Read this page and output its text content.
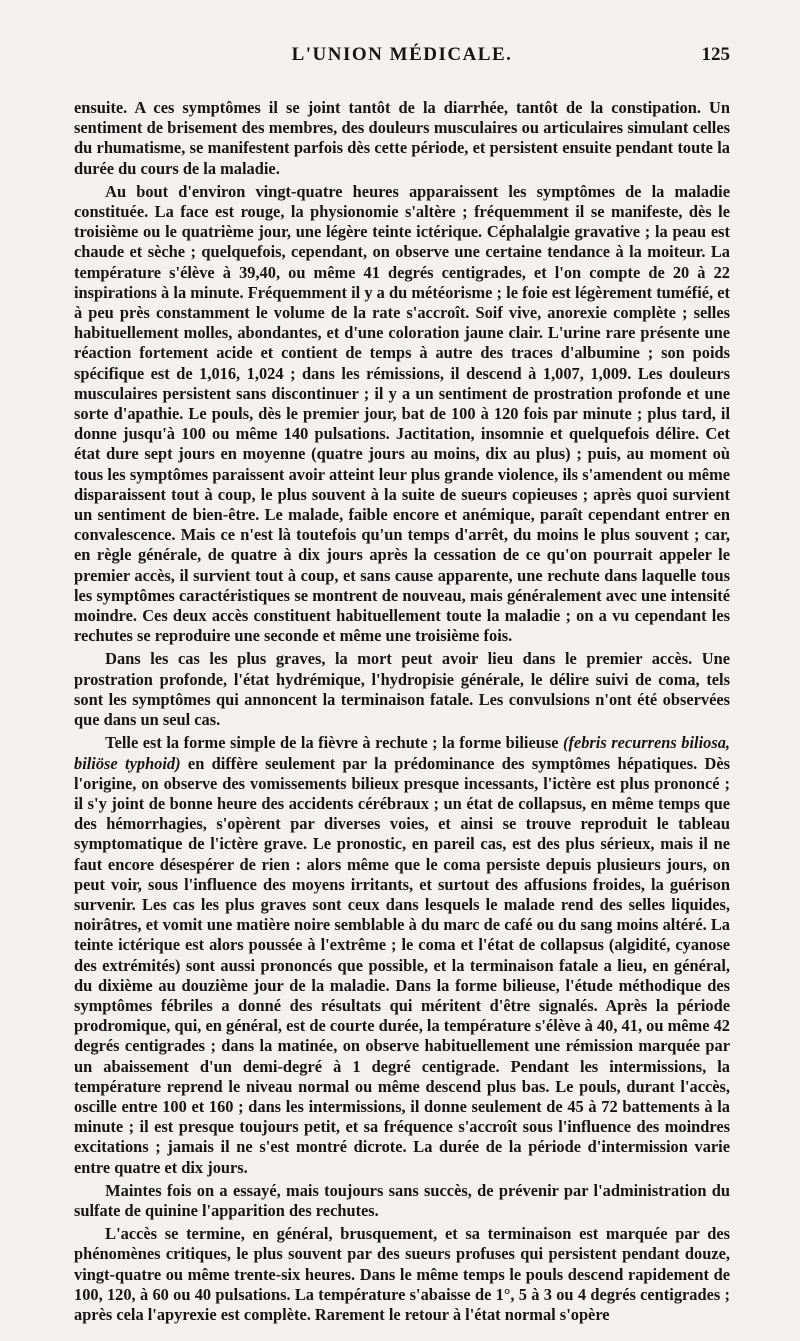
L'UNION MÉDICALE.	125

ensuite. A ces symptômes il se joint tantôt de la diarrhée, tantôt de la constipation. Un sentiment de brisement des membres, des douleurs musculaires ou articulaires simulant celles du rhumatisme, se manifestent parfois dès cette période, et persistent ensuite pendant toute la durée du cours de la maladie.

Au bout d'environ vingt-quatre heures apparaissent les symptômes de la maladie constituée. La face est rouge, la physionomie s'altère ; fréquemment il se manifeste, dès le troisième ou le quatrième jour, une légère teinte ictérique. Céphalalgie gravative ; la peau est chaude et sèche ; quelquefois, cependant, on observe une certaine tendance à la moiteur. La température s'élève à 39,40, ou même 41 degrés centigrades, et l'on compte de 20 à 22 inspirations à la minute. Fréquemment il y a du météorisme ; le foie est légèrement tuméfié, et à peu près constamment le volume de la rate s'accroît. Soif vive, anorexie complète ; selles habituellement molles, abondantes, et d'une coloration jaune clair. L'urine rare présente une réaction fortement acide et contient de temps à autre des traces d'albumine ; son poids spécifique est de 1,016, 1,024 ; dans les rémissions, il descend à 1,007, 1,009. Les douleurs musculaires persistent sans discontinuer ; il y a un sentiment de prostration profonde et une sorte d'apathie. Le pouls, dès le premier jour, bat de 100 à 120 fois par minute ; plus tard, il donne jusqu'à 100 ou même 140 pulsations. Jactitation, insomnie et quelquefois délire. Cet état dure sept jours en moyenne (quatre jours au moins, dix au plus) ; puis, au moment où tous les symptômes paraissent avoir atteint leur plus grande violence, ils s'amendent ou même disparaissent tout à coup, le plus souvent à la suite de sueurs copieuses ; après quoi survient un sentiment de bien-être. Le malade, faible encore et anémique, paraît cependant entrer en convalescence. Mais ce n'est là toutefois qu'un temps d'arrêt, du moins le plus souvent ; car, en règle générale, de quatre à dix jours après la cessation de ce qu'on pourrait appeler le premier accès, il survient tout à coup, et sans cause apparente, une rechute dans laquelle tous les symptômes caractéristiques se montrent de nouveau, mais généralement avec une intensité moindre. Ces deux accès constituent habituellement toute la maladie ; on a vu cependant les rechutes se reproduire une seconde et même une troisième fois.

Dans les cas les plus graves, la mort peut avoir lieu dans le premier accès. Une prostration profonde, l'état hydrémique, l'hydropisie générale, le délire suivi de coma, tels sont les symptômes qui annoncent la terminaison fatale. Les convulsions n'ont été observées que dans un seul cas.

Telle est la forme simple de la fièvre à rechute ; la forme bilieuse (febris recurrens biliosa, biliöse typhoid) en diffère seulement par la prédominance des symptômes hépatiques. Dès l'origine, on observe des vomissements bilieux presque incessants, l'ictère est plus prononcé ; il s'y joint de bonne heure des accidents cérébraux ; un état de collapsus, en même temps que des hémorrhagies, s'opèrent par diverses voies, et ainsi se trouve reproduit le tableau symptomatique de l'ictère grave. Le pronostic, en pareil cas, est des plus sérieux, mais il ne faut encore désespérer de rien : alors même que le coma persiste depuis plusieurs jours, on peut voir, sous l'influence des moyens irritants, et surtout des affusions froides, la guérison survenir. Les cas les plus graves sont ceux dans lesquels le malade rend des selles liquides, noirâtres, et vomit une matière noire semblable à du marc de café ou du sang moins altéré. La teinte ictérique est alors poussée à l'extrême ; le coma et l'état de collapsus (algidité, cyanose des extrémités) sont aussi prononcés que possible, et la terminaison fatale a lieu, en général, du dixième au douzième jour de la maladie. Dans la forme bilieuse, l'étude méthodique des symptômes fébriles a donné des résultats qui méritent d'être signalés. Après la période prodromique, qui, en général, est de courte durée, la température s'élève à 40, 41, ou même 42 degrés centigrades ; dans la matinée, on observe habituellement une rémission marquée par un abaissement d'un demi-degré à 1 degré centigrade. Pendant les intermissions, la température reprend le niveau normal ou même descend plus bas. Le pouls, durant l'accès, oscille entre 100 et 160 ; dans les intermissions, il donne seulement de 45 à 72 battements à la minute ; il est presque toujours petit, et sa fréquence s'accroît sous l'influence des moindres excitations ; jamais il ne s'est montré dicrote. La durée de la période d'intermission varie entre quatre et dix jours.

Maintes fois on a essayé, mais toujours sans succès, de prévenir par l'administration du sulfate de quinine l'apparition des rechutes.

L'accès se termine, en général, brusquement, et sa terminaison est marquée par des phénomènes critiques, le plus souvent par des sueurs profuses qui persistent pendant douze, vingt-quatre ou même trente-six heures. Dans le même temps le pouls descend rapidement de 100, 120, à 60 ou 40 pulsations. La température s'abaisse de 1°, 5 à 3 ou 4 degrés centigrades ; après cela l'apyrexie est complète. Rarement le retour à l'état normal s'opère
